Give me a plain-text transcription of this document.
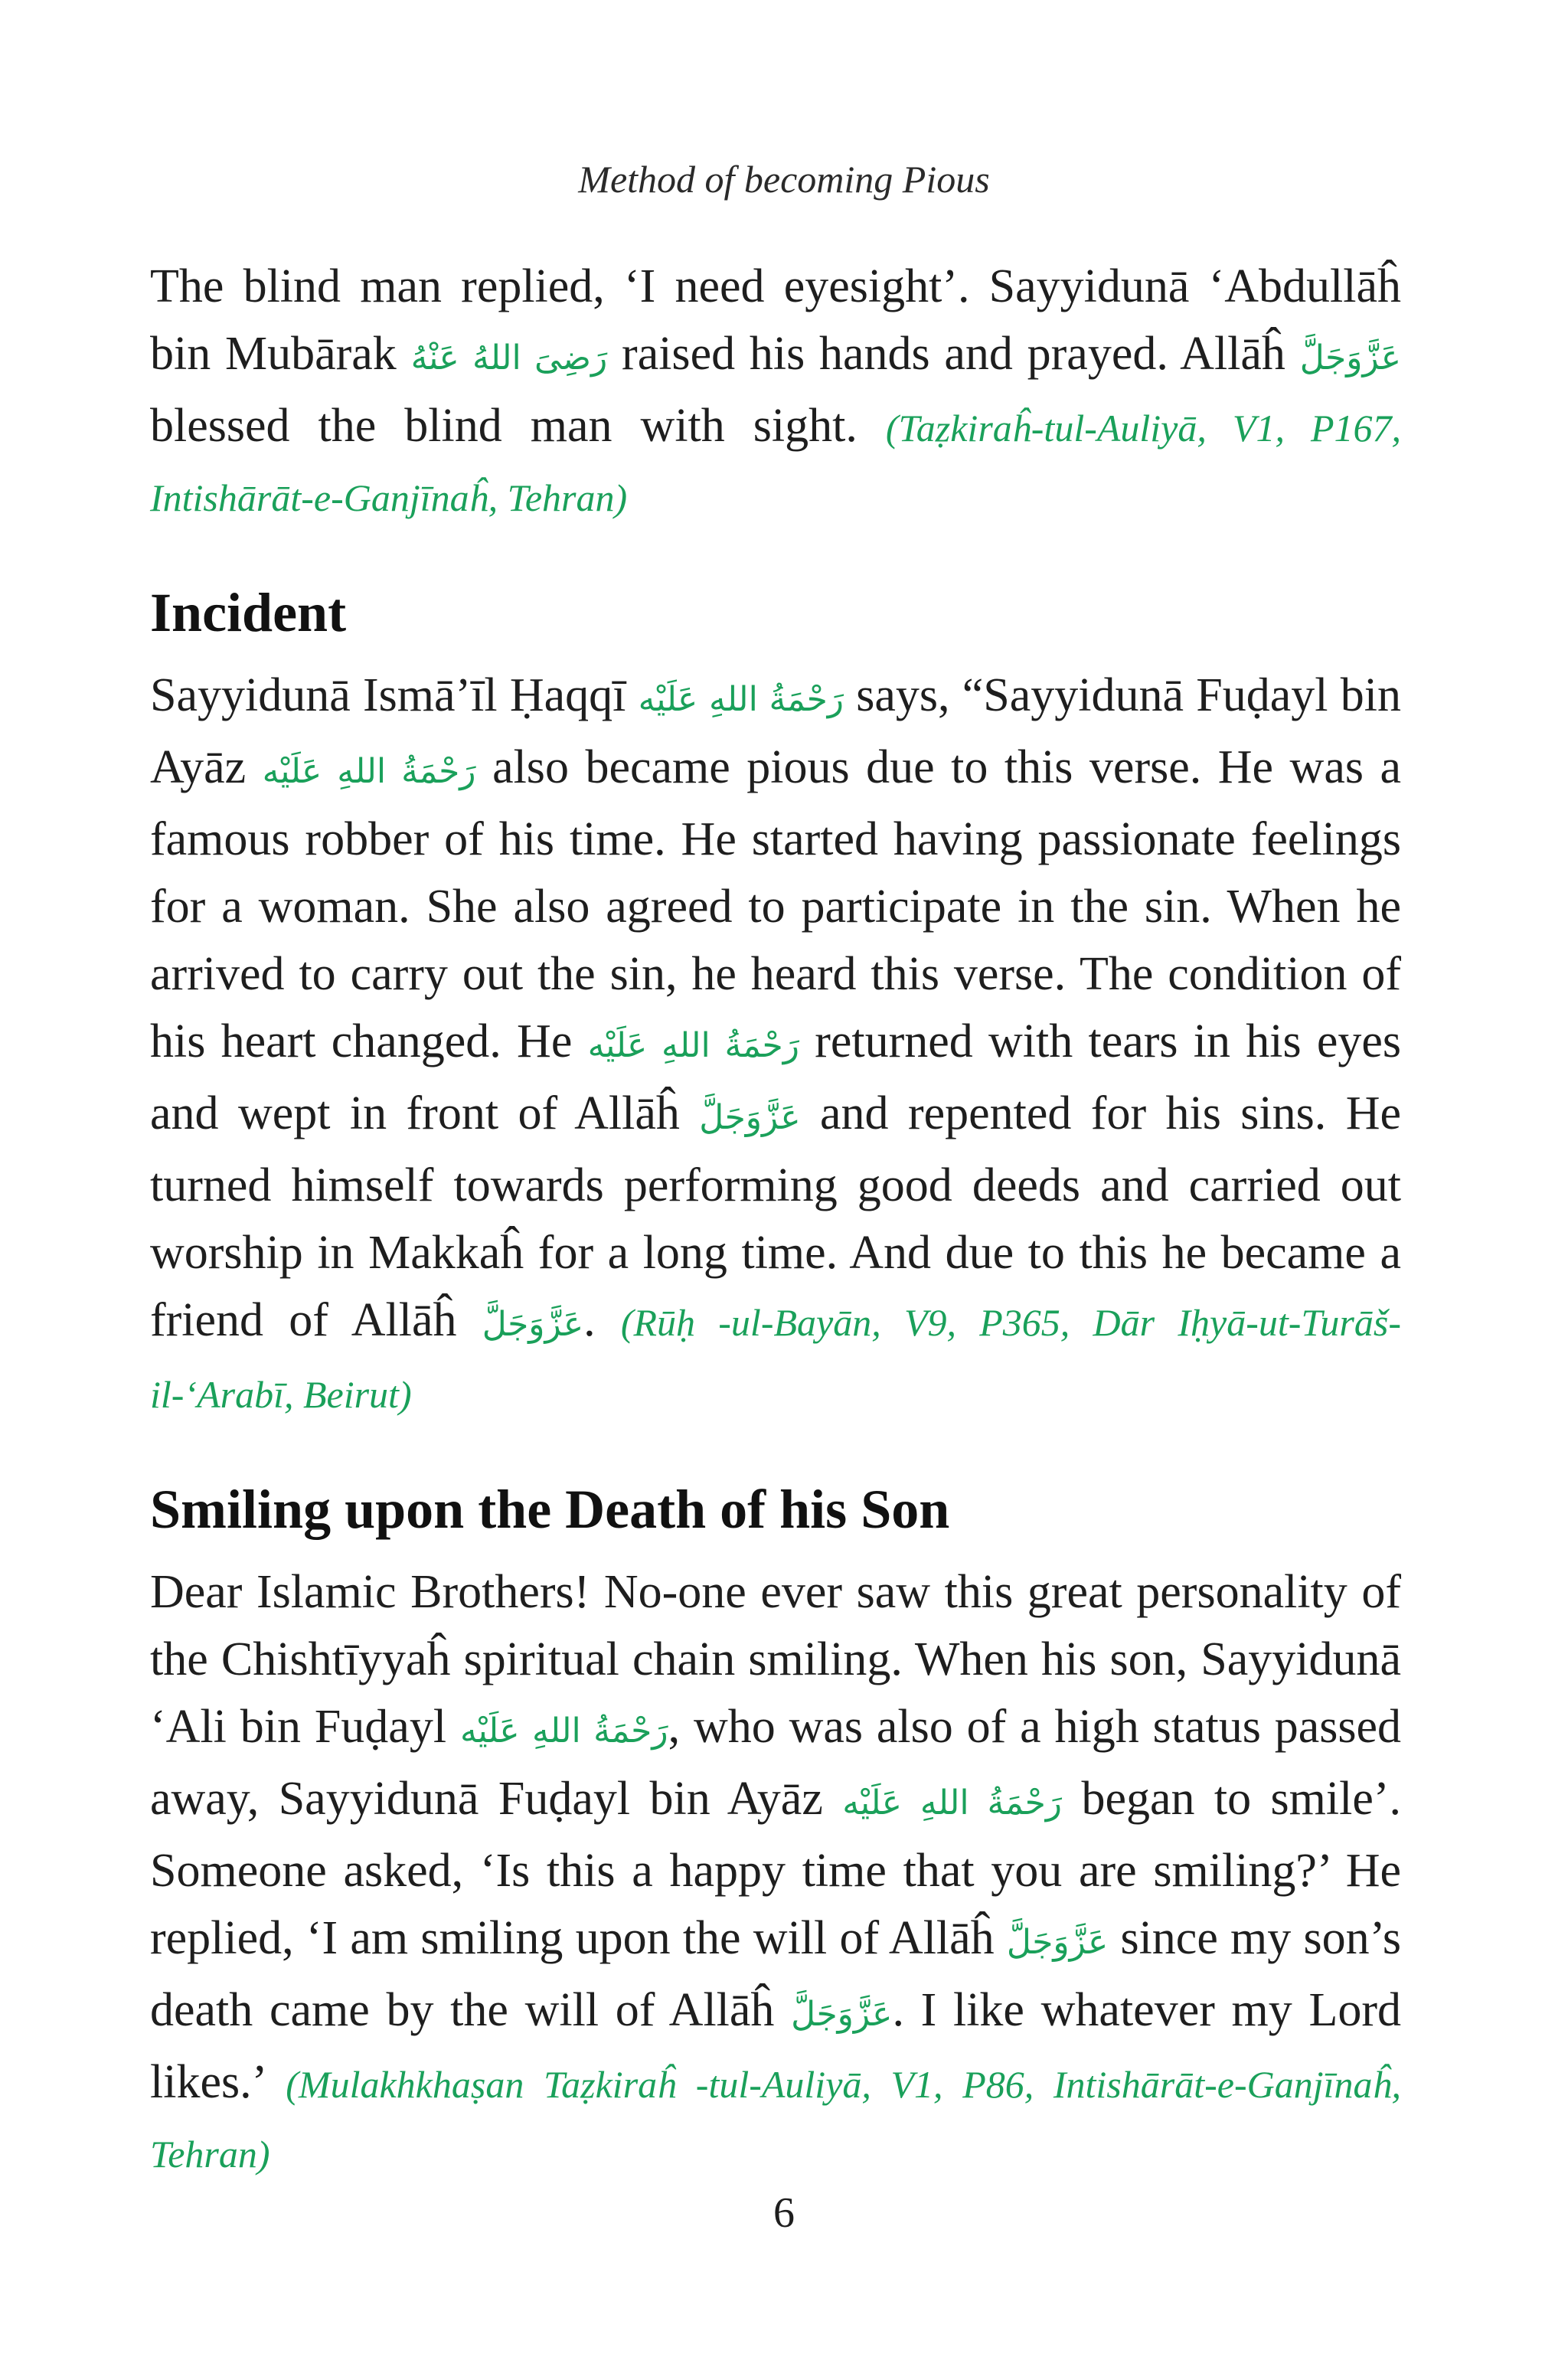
Method of becoming Pious

The blind man replied, ‘I need eyesight’. Sayyidunā ‘Abdullāĥ bin Mubārak رَضِیَ اللهُ عَنْهُ raised his hands and prayed. Allāĥ عَزَّوَجَلَّ blessed the blind man with sight. (Taẓkiraĥ-tul-Auliyā, V1, P167, Intishārāt-e-Ganjīnaĥ, Tehran)

Incident

Sayyidunā Ismā’īl Ḥaqqī رَحْمَةُ اللهِ عَلَيْه says, “Sayyidunā Fuḍayl bin Ayāz رَحْمَةُ اللهِ عَلَيْه also became pious due to this verse. He was a famous robber of his time. He started having passionate feelings for a woman. She also agreed to participate in the sin. When he arrived to carry out the sin, he heard this verse. The condition of his heart changed. He رَحْمَةُ اللهِ عَلَيْه returned with tears in his eyes and wept in front of Allāĥ عَزَّوَجَلَّ and repented for his sins. He turned himself towards performing good deeds and carried out worship in Makkaĥ for a long time. And due to this he became a friend of Allāĥ عَزَّوَجَلَّ. (Rūḥ -ul-Bayān, V9, P365, Dār Iḥyā-ut-Turāš-il-‘Arabī, Beirut)

Smiling upon the Death of his Son

Dear Islamic Brothers! No-one ever saw this great personality of the Chishtīyyaĥ spiritual chain smiling. When his son, Sayyidunā ‘Ali bin Fuḍayl رَحْمَةُ اللهِ عَلَيْه, who was also of a high status passed away, Sayyidunā Fuḍayl bin Ayāz رَحْمَةُ اللهِ عَلَيْه began to smile’. Someone asked, ‘Is this a happy time that you are smiling?’ He replied, ‘I am smiling upon the will of Allāĥ عَزَّوَجَلَّ since my son’s death came by the will of Allāĥ عَزَّوَجَلَّ. I like whatever my Lord likes.’ (Mulakhkhaṣan Taẓkiraĥ -tul-Auliyā, V1, P86, Intishārāt-e-Ganjīnaĥ, Tehran)

6
